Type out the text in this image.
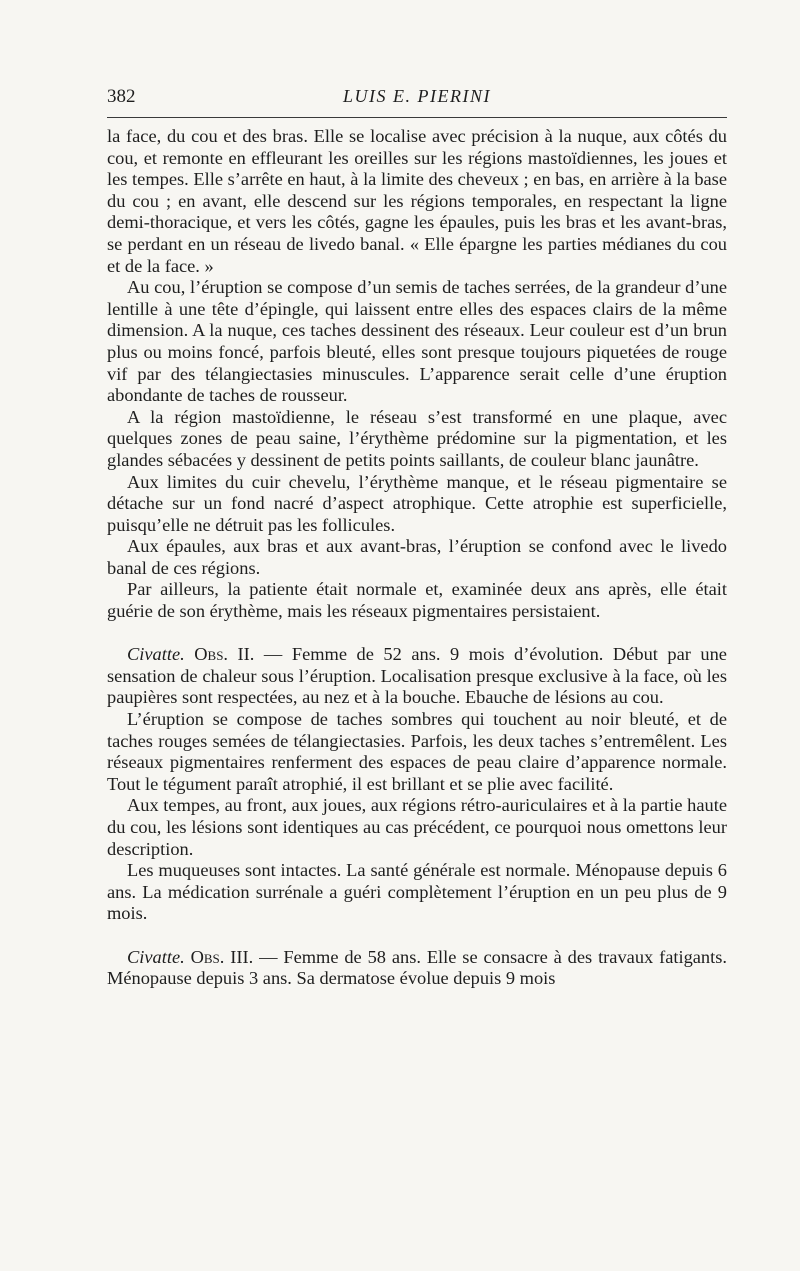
382	LUIS E. PIERINI

la face, du cou et des bras. Elle se localise avec précision à la nuque, aux côtés du cou, et remonte en effleurant les oreilles sur les régions mastoïdiennes, les joues et les tempes. Elle s’arrête en haut, à la limite des cheveux ; en bas, en arrière à la base du cou ; en avant, elle descend sur les régions temporales, en respectant la ligne demi-thoracique, et vers les côtés, gagne les épaules, puis les bras et les avant-bras, se perdant en un réseau de livedo banal. « Elle épargne les parties médianes du cou et de la face. »

Au cou, l’éruption se compose d’un semis de taches serrées, de la grandeur d’une lentille à une tête d’épingle, qui laissent entre elles des espaces clairs de la même dimension. A la nuque, ces taches dessinent des réseaux. Leur couleur est d’un brun plus ou moins foncé, parfois bleuté, elles sont presque toujours piquetées de rouge vif par des télangiectasies minuscules. L’apparence serait celle d’une éruption abondante de taches de rousseur.

A la région mastoïdienne, le réseau s’est transformé en une plaque, avec quelques zones de peau saine, l’érythème prédomine sur la pigmentation, et les glandes sébacées y dessinent de petits points saillants, de couleur blanc jaunâtre.

Aux limites du cuir chevelu, l’érythème manque, et le réseau pigmentaire se détache sur un fond nacré d’aspect atrophique. Cette atrophie est superficielle, puisqu’elle ne détruit pas les follicules.

Aux épaules, aux bras et aux avant-bras, l’éruption se confond avec le livedo banal de ces régions.

Par ailleurs, la patiente était normale et, examinée deux ans après, elle était guérie de son érythème, mais les réseaux pigmentaires persistaient.

Civatte. Obs. II. — Femme de 52 ans. 9 mois d’évolution. Début par une sensation de chaleur sous l’éruption. Localisation presque exclusive à la face, où les paupières sont respectées, au nez et à la bouche. Ebauche de lésions au cou.

L’éruption se compose de taches sombres qui touchent au noir bleuté, et de taches rouges semées de télangiectasies. Parfois, les deux taches s’entremêlent. Les réseaux pigmentaires renferment des espaces de peau claire d’apparence normale. Tout le tégument paraît atrophié, il est brillant et se plie avec facilité.

Aux tempes, au front, aux joues, aux régions rétro-auriculaires et à la partie haute du cou, les lésions sont identiques au cas précédent, ce pourquoi nous omettons leur description.

Les muqueuses sont intactes. La santé générale est normale. Ménopause depuis 6 ans. La médication surrénale a guéri complètement l’éruption en un peu plus de 9 mois.

Civatte. Obs. III. — Femme de 58 ans. Elle se consacre à des travaux fatigants. Ménopause depuis 3 ans. Sa dermatose évolue depuis 9 mois
